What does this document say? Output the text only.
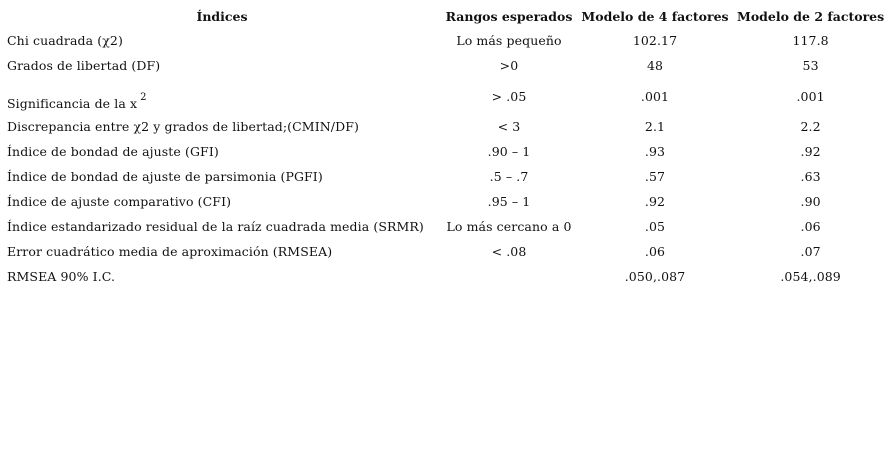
Índices	Rangos esperados	Modelo de 4 factores	Modelo de 2 factores
Chi cuadrada (χ2)	Lo más pequeño	102.17	117.8
Grados de libertad (DF)	>0	48	53
Significancia de la x $^2$	> .05	.001	.001
Discrepancia entre χ2 y grados de libertad;(CMIN/DF)	< 3	2.1	2.2
Índice de bondad de ajuste (GFI)	.90 – 1	.93	.92
Índice de bondad de ajuste de parsimonia (PGFI)	.5 – .7	.57	.63
Índice de ajuste comparativo (CFI)	.95 – 1	.92	.90
Índice estandarizado residual de la raíz cuadrada media (SRMR)	Lo más cercano a 0	.05	.06
Error cuadrático media de aproximación (RMSEA)	< .08	.06	.07
RMSEA 90% I.C.		.050,.087	.054,.089
